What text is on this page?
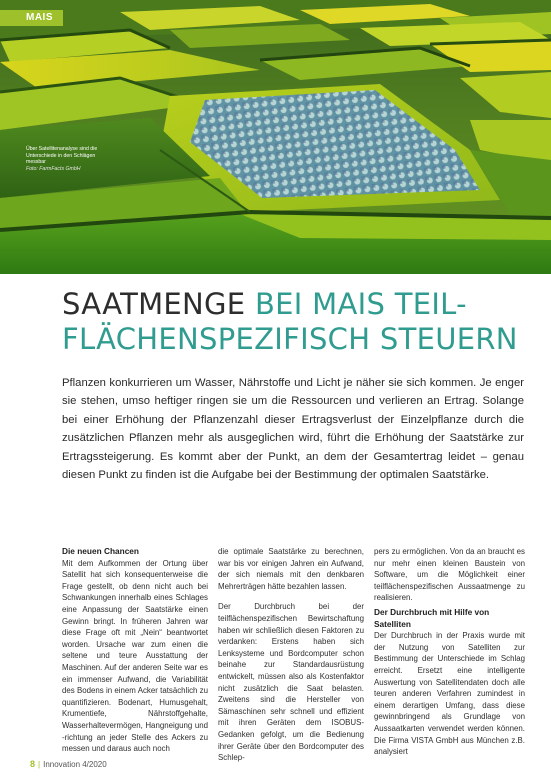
MAIS
Über Satellitenanalyse sind die Unterschiede in den Schlägen messbar
Foto: FarmFacts GmbH
SAATMENGE BEI MAIS TEIL-FLÄCHENSPEZIFISCH STEUERN

Pflanzen konkurrieren um Wasser, Nährstoffe und Licht je näher sie sich kommen. Je enger sie stehen, umso heftiger ringen sie um die Ressourcen und verlieren an Ertrag. Solange bei einer Erhöhung der Pflanzenzahl dieser Ertragsverlust der Einzelpflanze durch die zusätzlichen Pflanzen mehr als ausgeglichen wird, führt die Erhöhung der Saatstärke zur Ertragssteigerung. Es kommt aber der Punkt, an dem der Gesamtertrag leidet – genau diesen Punkt zu finden ist die Aufgabe bei der Bestimmung der optimalen Saatstärke.

Die neuen Chancen

Mit dem Aufkommen der Ortung über Satellit hat sich konsequenterweise die Frage gestellt, ob denn nicht auch bei Schwankungen innerhalb eines Schlages eine Anpassung der Saatstärke einen Gewinn bringt. In früheren Jahren war diese Frage oft mit „Nein“ beantwortet worden. Ursache war zum einen die seltene und teure Ausstattung der Maschinen. Auf der anderen Seite war es ein immenser Aufwand, die Variabilität des Bodens in einem Acker tatsächlich zu quantifizieren. Bodenart, Humusgehalt, Krumentiefe, Nährstoffgehalte, Wasserhaltevermögen, Hangneigung und -richtung an jeder Stelle des Ackers zu messen und daraus auch noch

die optimale Saatstärke zu berechnen, war bis vor einigen Jahren ein Aufwand, der sich niemals mit den denkbaren Mehrerträgen hätte bezahlen lassen.

Der Durchbruch bei der teilflächenspezifischen Bewirtschaftung haben wir schließlich diesen Faktoren zu verdanken: Erstens haben sich Lenksysteme und Bordcomputer schon beinahe zur Standardausrüstung entwickelt, müssen also als Kostenfaktor nicht zusätzlich die Saat belasten. Zweitens sind die Hersteller von Sämaschinen sehr schnell und effizient mit ihren Geräten dem ISOBUS-Gedanken gefolgt, um die Bedienung ihrer Geräte über den Bordcomputer des Schlep-

pers zu ermöglichen. Von da an braucht es nur mehr einen kleinen Baustein von Software, um die Möglichkeit einer teilflächenspezifischen Aussaatmenge zu realisieren.

Der Durchbruch mit Hilfe von Satelliten

Der Durchbruch in der Praxis wurde mit der Nutzung von Satelliten zur Bestimmung der Unterschiede im Schlag erreicht. Ersetzt eine intelligente Auswertung von Satellitendaten doch alle teuren anderen Verfahren zumindest in einem derartigen Umfang, dass diese gewinnbringend als Grundlage von Aussaatkarten verwendet werden können. Die Firma VISTA GmbH aus München z.B. analysiert

8 | Innovation 4/2020
